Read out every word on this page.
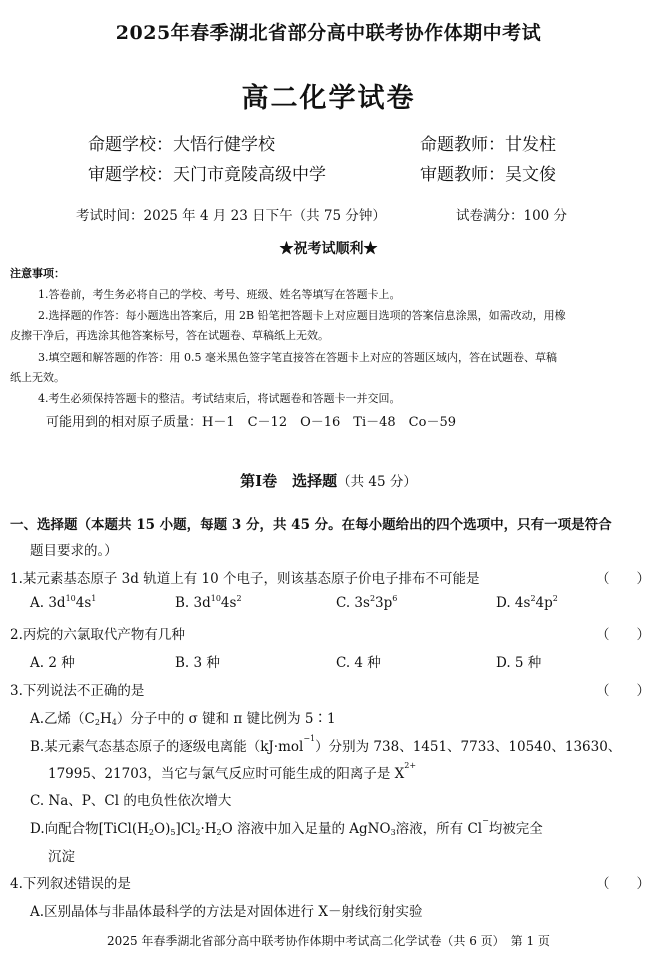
2025年春季湖北省部分高中联考协作体期中考试
高二化学试卷
命题学校：大悟行健学校	命题教师：甘发柱
审题学校：天门市竟陵高级中学	审题教师：吴文俊
考试时间：2025 年 4 月 23 日下午（共 75 分钟）	试卷满分：100 分
★祝考试顺利★
注意事项：
1.答卷前，考生务必将自己的学校、考号、班级、姓名等填写在答题卡上。
2.选择题的作答：每小题选出答案后，用 2B 铅笔把答题卡上对应题目选项的答案信息涂黑，如需改动，用橡
皮擦干净后，再选涂其他答案标号，答在试题卷、草稿纸上无效。
3.填空题和解答题的作答：用 0.5 毫米黑色签字笔直接答在答题卡上对应的答题区域内，答在试题卷、草稿
纸上无效。
4.考生必须保持答题卡的整洁。考试结束后，将试题卷和答题卡一并交回。
可能用到的相对原子质量：H－1　C－12　O－16　Ti－48　Co－59
第Ⅰ卷　选择题（共 45 分）
一、选择题（本题共 15 小题，每题 3 分，共 45 分。在每小题给出的四个选项中，只有一项是符合
题目要求的。）
1.某元素基态原子 3d 轨道上有 10 个电子，则该基态原子价电子排布不可能是	（　　）
A. $3d^{10}4s^1$	B. $3d^{10}4s^2$	C. $3s^23p^6$	D. $4s^24p^2$
2.丙烷的六氯取代产物有几种	（　　）
A. 2 种	B. 3 种	C. 4 种	D. 5 种
3.下列说法不正确的是	（　　）
A.乙烯（C2H4）分子中的 σ 键和 π 键比例为 5∶1
B.某元素气态基态原子的逐级电离能（kJ·mol$^{-1}$）分别为 738、1451、7733、10540、13630、
17995、21703，当它与氯气反应时可能生成的阳离子是 $X^{2+}$
C. Na、P、Cl 的电负性依次增大
D.向配合物[TiCl(H2O)5]Cl2·H2O 溶液中加入足量的 AgNO3溶液，所有 Cl−均被完全
沉淀
4.下列叙述错误的是	（　　）
A.区别晶体与非晶体最科学的方法是对固体进行 X－射线衍射实验
2025 年春季湖北省部分高中联考协作体期中考试高二化学试卷（共 6 页）　第 1 页
